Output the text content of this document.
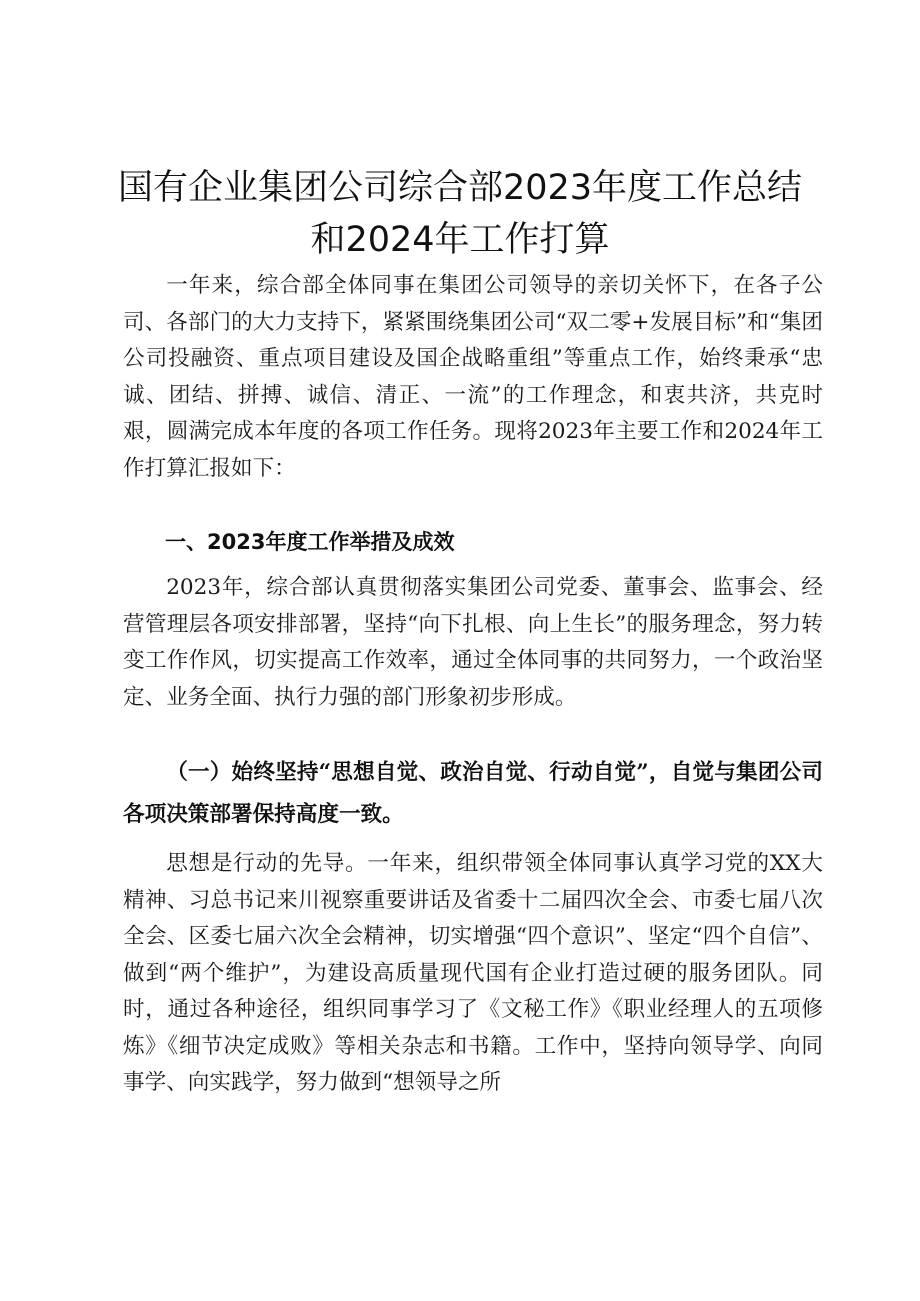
国有企业集团公司综合部2023年度工作总结
和2024年工作打算

一年来，综合部全体同事在集团公司领导的亲切关怀下，在各子公司、各部门的大力支持下，紧紧围绕集团公司“双二零+发展目标”和“集团公司投融资、重点项目建设及国企战略重组”等重点工作，始终秉承“忠诚、团结、拼搏、诚信、清正、一流”的工作理念，和衷共济，共克时艰，圆满完成本年度的各项工作任务。现将2023年主要工作和2024年工作打算汇报如下：

一、2023年度工作举措及成效

2023年，综合部认真贯彻落实集团公司党委、董事会、监事会、经营管理层各项安排部署，坚持“向下扎根、向上生长”的服务理念，努力转变工作作风，切实提高工作效率，通过全体同事的共同努力，一个政治坚定、业务全面、执行力强的部门形象初步形成。

（一）始终坚持“思想自觉、政治自觉、行动自觉”，自觉与集团公司各项决策部署保持高度一致。

思想是行动的先导。一年来，组织带领全体同事认真学习党的XX大精神、习总书记来川视察重要讲话及省委十二届四次全会、市委七届八次全会、区委七届六次全会精神，切实增强“四个意识”、坚定“四个自信”、做到“两个维护”，为建设高质量现代国有企业打造过硬的服务团队。同时，通过各种途径，组织同事学习了《文秘工作》《职业经理人的五项修炼》《细节决定成败》等相关杂志和书籍。工作中，坚持向领导学、向同事学、向实践学，努力做到“想领导之所
